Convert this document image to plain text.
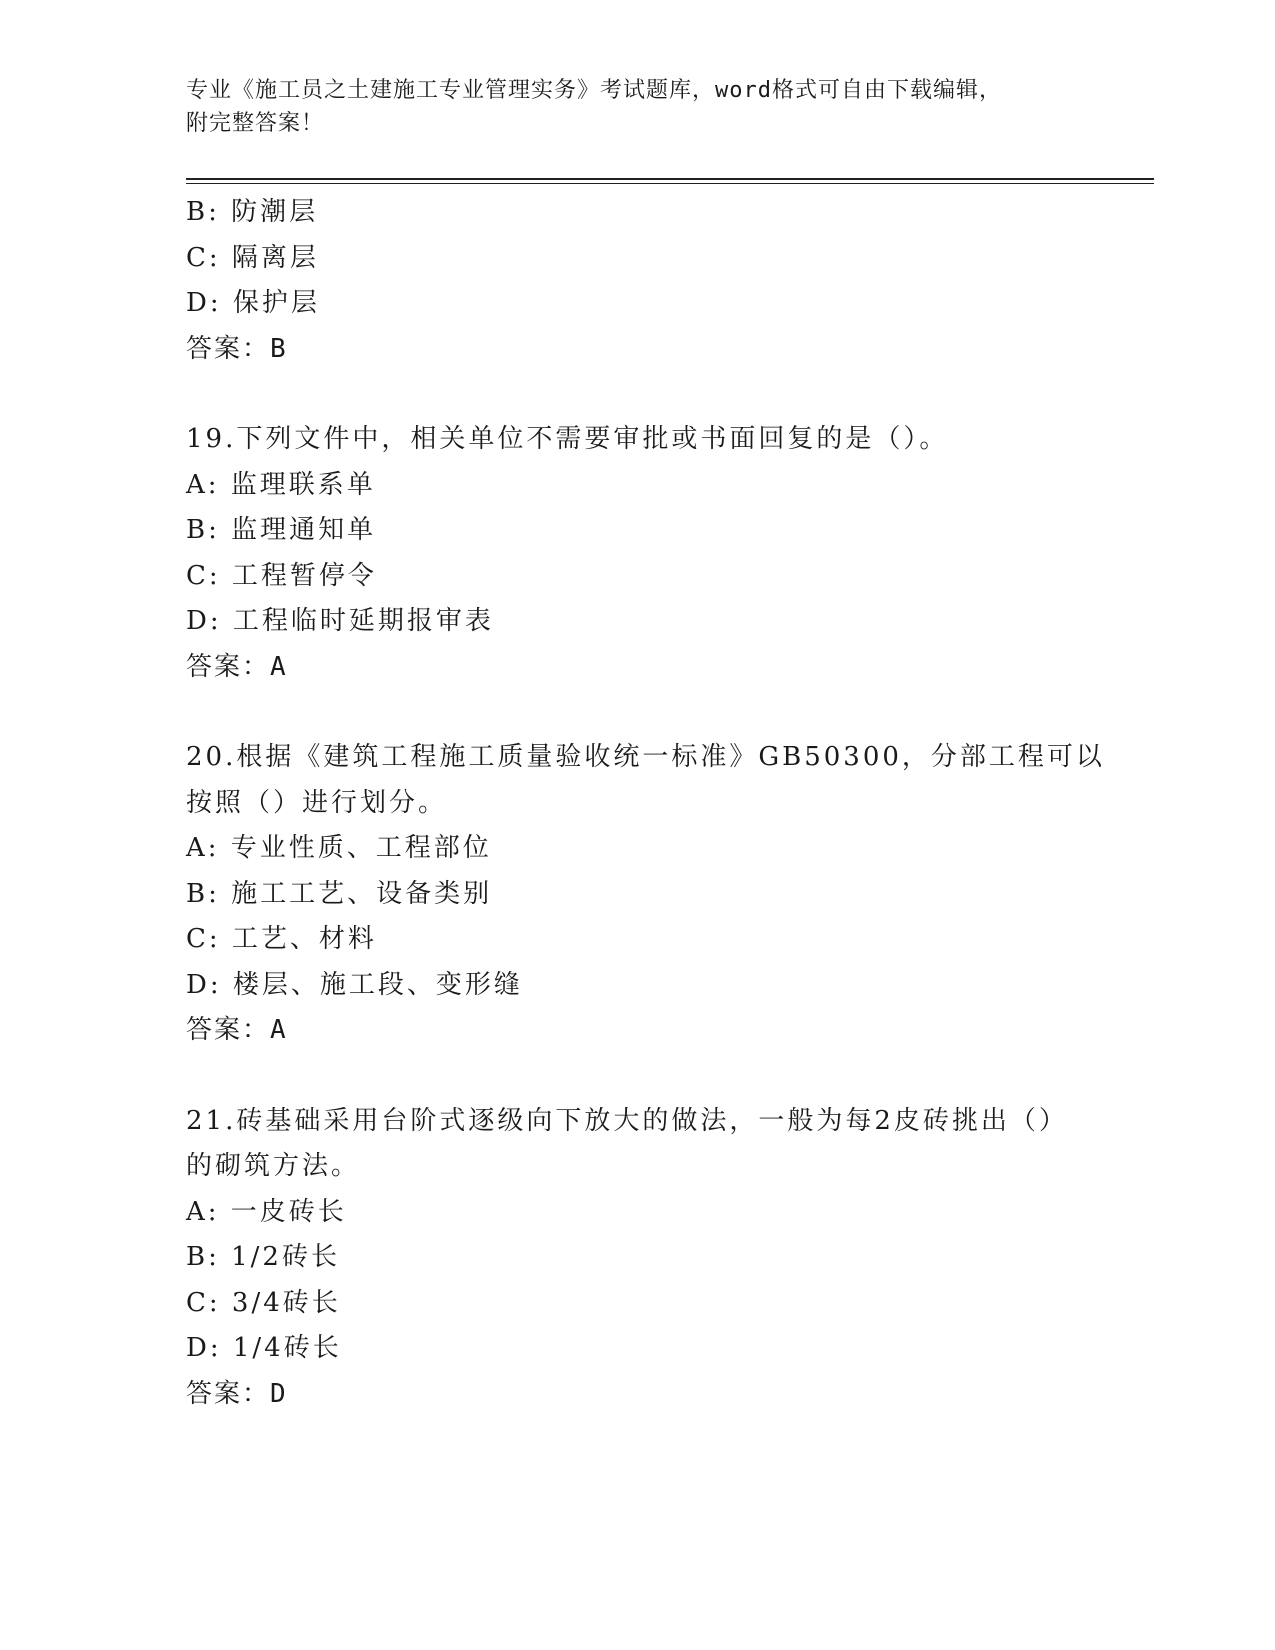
专业《施工员之土建施工专业管理实务》考试题库，word格式可自由下载编辑，
附完整答案！
B: 防潮层
C: 隔离层
D: 保护层
答案：B
19.下列文件中，相关单位不需要审批或书面回复的是（）。
A: 监理联系单
B: 监理通知单
C: 工程暂停令
D: 工程临时延期报审表
答案：A
20.根据《建筑工程施工质量验收统一标准》GB50300，分部工程可以
按照（）进行划分。
A: 专业性质、工程部位
B: 施工工艺、设备类别
C: 工艺、材料
D: 楼层、施工段、变形缝
答案：A
21.砖基础采用台阶式逐级向下放大的做法，一般为每2皮砖挑出（）
的砌筑方法。
A: 一皮砖长
B: 1/2砖长
C: 3/4砖长
D: 1/4砖长
答案：D
